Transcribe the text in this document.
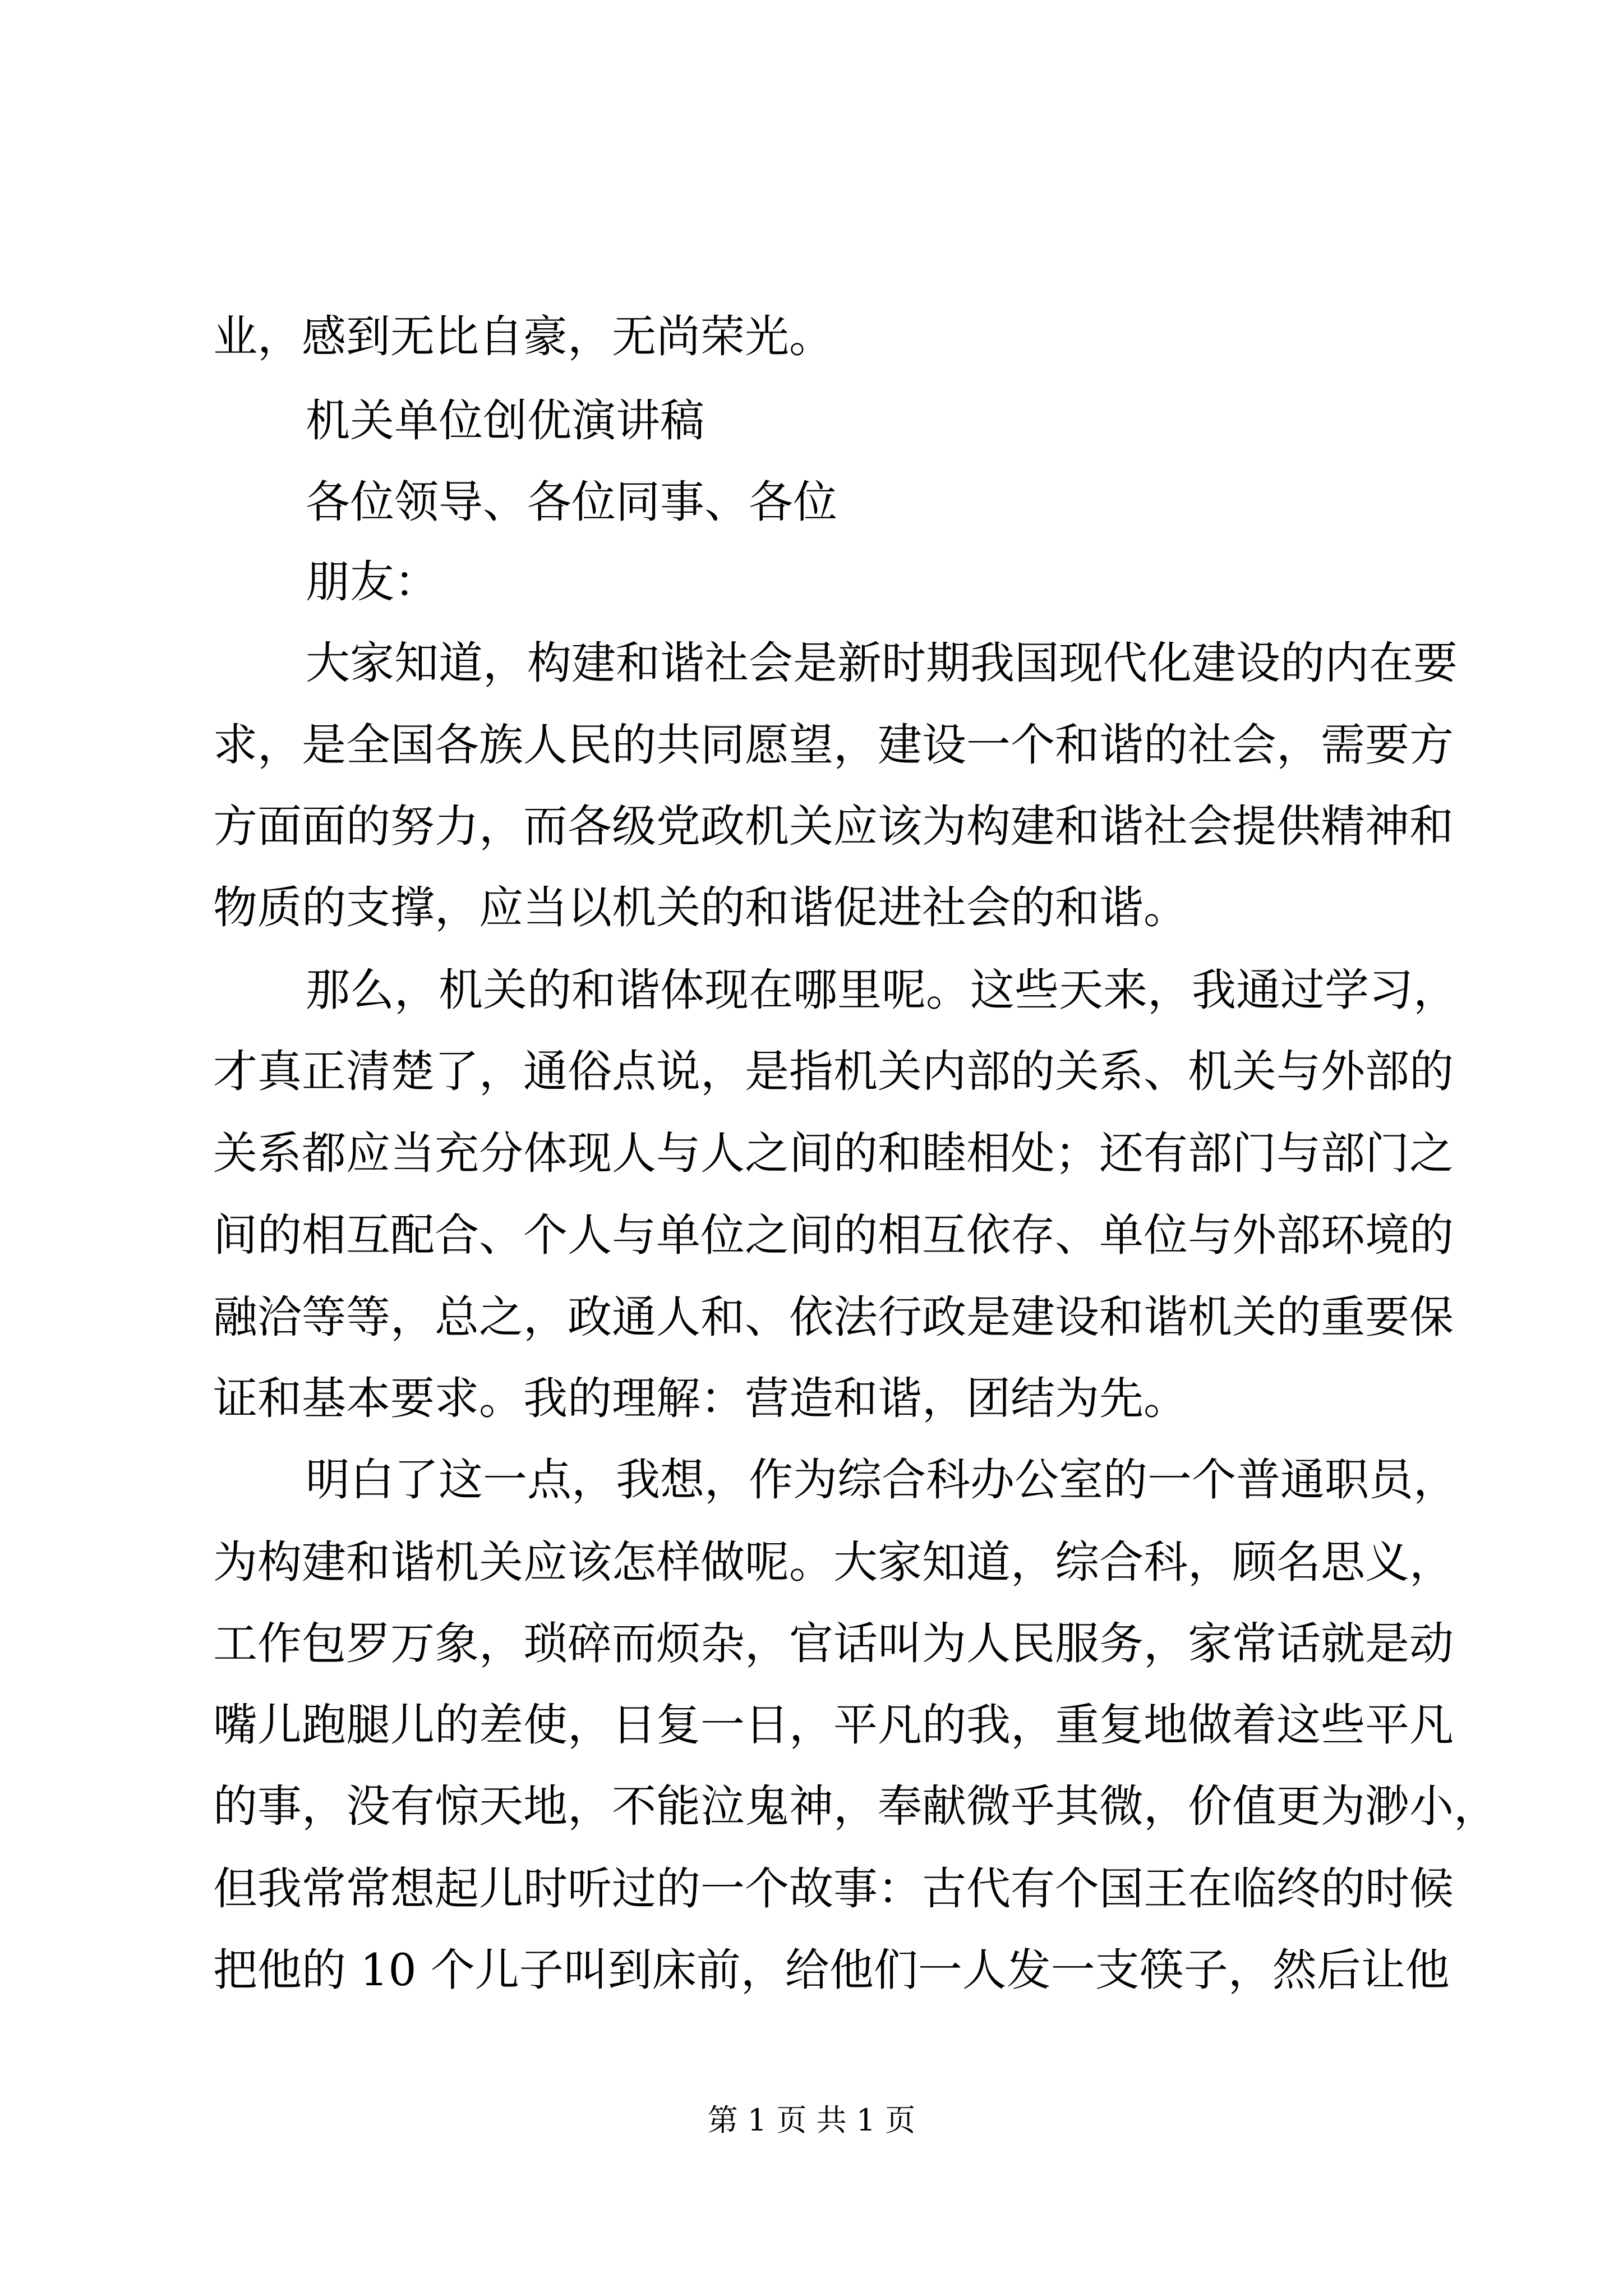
业，感到无比自豪，无尚荣光。

机关单位创优演讲稿

各位领导、各位同事、各位

朋友：

大家知道，构建和谐社会是新时期我国现代化建设的内在要

求，是全国各族人民的共同愿望，建设一个和谐的社会，需要方

方面面的努力，而各级党政机关应该为构建和谐社会提供精神和

物质的支撑，应当以机关的和谐促进社会的和谐。

那么，机关的和谐体现在哪里呢。这些天来，我通过学习，

才真正清楚了，通俗点说，是指机关内部的关系、机关与外部的

关系都应当充分体现人与人之间的和睦相处；还有部门与部门之

间的相互配合、个人与单位之间的相互依存、单位与外部环境的

融洽等等，总之，政通人和、依法行政是建设和谐机关的重要保

证和基本要求。我的理解：营造和谐，团结为先。

明白了这一点，我想，作为综合科办公室的一个普通职员，

为构建和谐机关应该怎样做呢。大家知道，综合科，顾名思义，

工作包罗万象，琐碎而烦杂，官话叫为人民服务，家常话就是动

嘴儿跑腿儿的差使，日复一日，平凡的我，重复地做着这些平凡

的事，没有惊天地，不能泣鬼神，奉献微乎其微，价值更为渺小，

但我常常想起儿时听过的一个故事：古代有个国王在临终的时候

把他的 10 个儿子叫到床前，给他们一人发一支筷子，然后让他

第 1 页 共 1 页
